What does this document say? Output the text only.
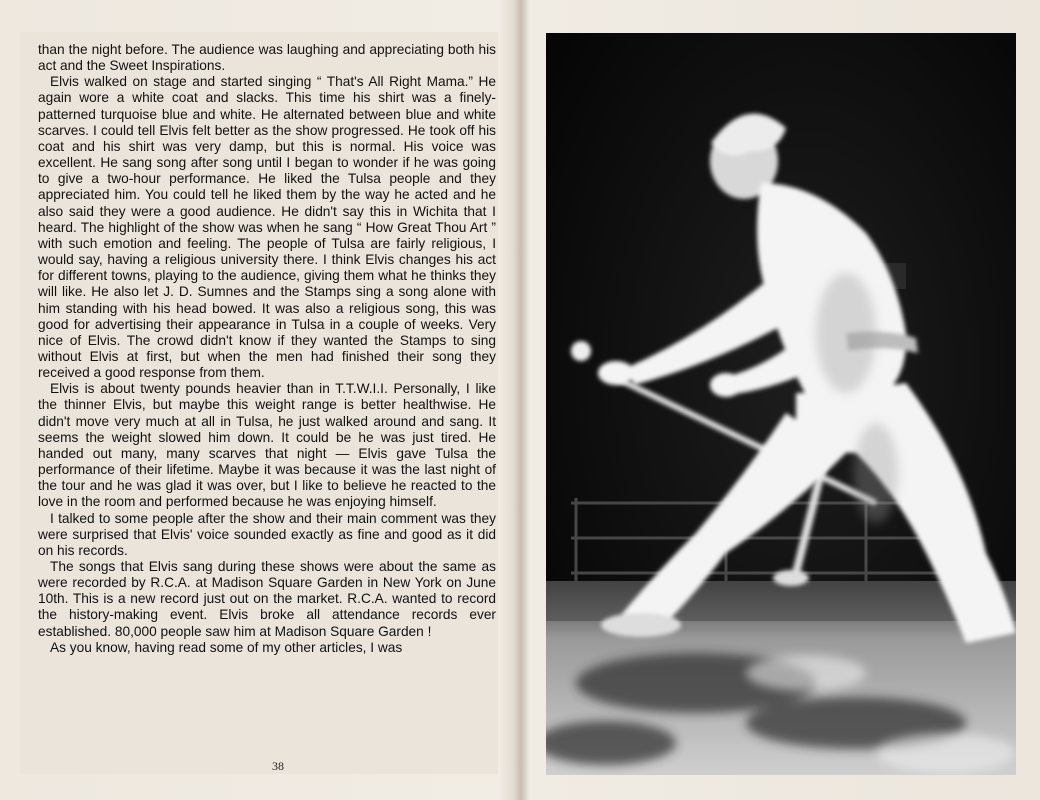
than the night before. The audience was laughing and appreciating both his act and the Sweet Inspirations.

Elvis walked on stage and started singing “ That's All Right Mama.” He again wore a white coat and slacks. This time his shirt was a finely-patterned turquoise blue and white. He alternated between blue and white scarves. I could tell Elvis felt better as the show progressed. He took off his coat and his shirt was very damp, but this is normal. His voice was excellent. He sang song after song until I began to wonder if he was going to give a two-hour performance. He liked the Tulsa people and they appreciated him. You could tell he liked them by the way he acted and he also said they were a good audience. He didn't say this in Wichita that I heard. The highlight of the show was when he sang “ How Great Thou Art ” with such emotion and feeling. The people of Tulsa are fairly religious, I would say, having a religious university there. I think Elvis changes his act for different towns, playing to the audience, giving them what he thinks they will like. He also let J. D. Sumnes and the Stamps sing a song alone with him standing with his head bowed. It was also a religious song, this was good for advertising their appearance in Tulsa in a couple of weeks. Very nice of Elvis. The crowd didn't know if they wanted the Stamps to sing without Elvis at first, but when the men had finished their song they received a good response from them.

Elvis is about twenty pounds heavier than in T.T.W.I.I. Personally, I like the thinner Elvis, but maybe this weight range is better healthwise. He didn't move very much at all in Tulsa, he just walked around and sang. It seems the weight slowed him down. It could be he was just tired. He handed out many, many scarves that night — Elvis gave Tulsa the performance of their lifetime. Maybe it was because it was the last night of the tour and he was glad it was over, but I like to believe he reacted to the love in the room and performed because he was enjoying himself.

I talked to some people after the show and their main comment was they were surprised that Elvis' voice sounded exactly as fine and good as it did on his records.

The songs that Elvis sang during these shows were about the same as were recorded by R.C.A. at Madison Square Garden in New York on June 10th. This is a new record just out on the market. R.C.A. wanted to record the history-making event. Elvis broke all attendance records ever established. 80,000 people saw him at Madison Square Garden !

As you know, having read some of my other articles, I was

38
